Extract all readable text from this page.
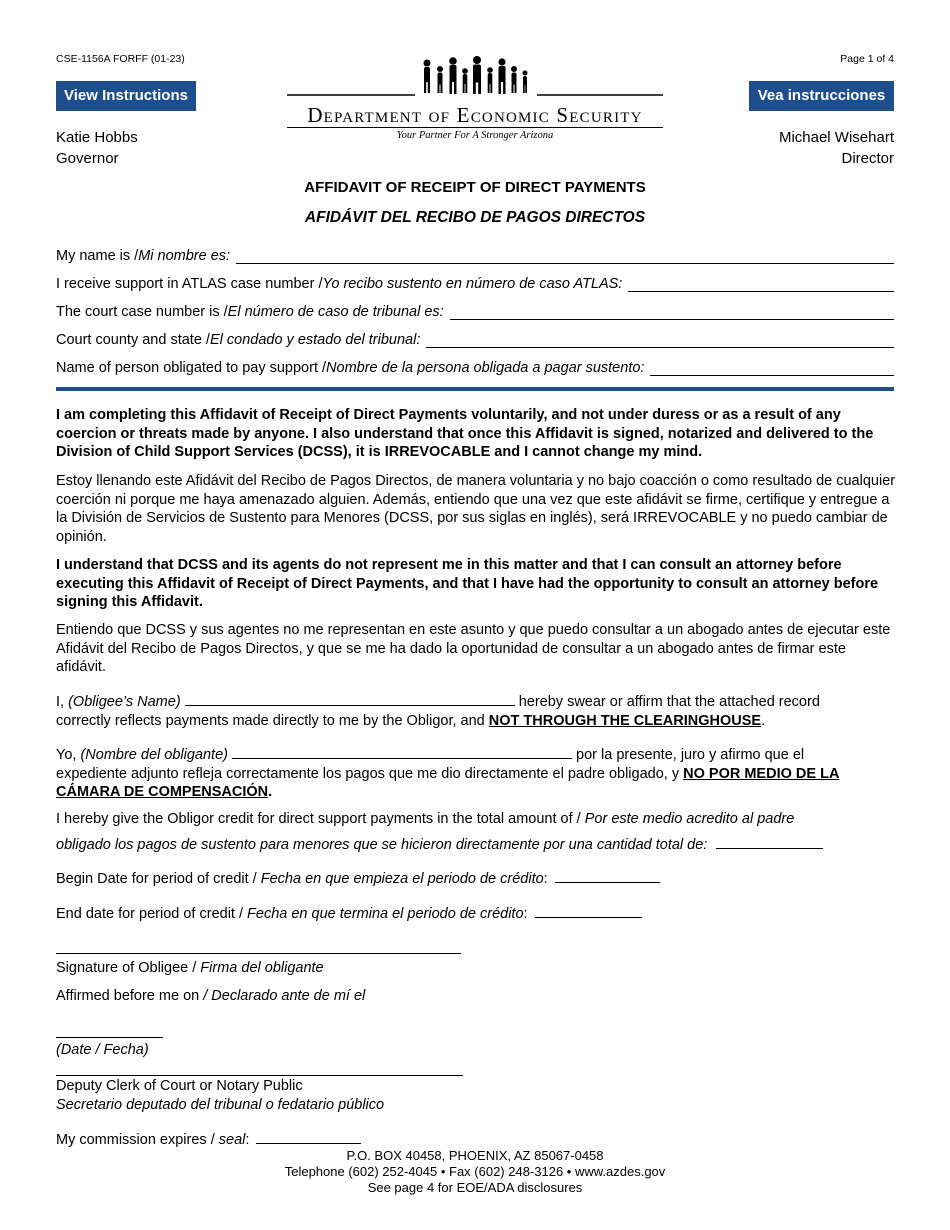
CSE-1156A FORFF (01-23)	Page 1 of 4
View Instructions	Vea instrucciones
Katie Hobbs
Governor
Michael Wisehart
Director
Department of Economic Security
Your Partner For A Stronger Arizona
AFFIDAVIT OF RECEIPT OF DIRECT PAYMENTS
AFIDÁVIT DEL RECIBO DE PAGOS DIRECTOS
My name is / Mi nombre es:
I receive support in ATLAS case number / Yo recibo sustento en número de caso ATLAS:
The court case number is / El número de caso de tribunal es:
Court county and state / El condado y estado del tribunal:
Name of person obligated to pay support / Nombre de la persona obligada a pagar sustento:
I am completing this Affidavit of Receipt of Direct Payments voluntarily, and not under duress or as a result of any coercion or threats made by anyone. I also understand that once this Affidavit is signed, notarized and delivered to the Division of Child Support Services (DCSS), it is IRREVOCABLE and I cannot change my mind.
Estoy llenando este Afidávit del Recibo de Pagos Directos, de manera voluntaria y no bajo coacción o como resultado de cualquier coerción ni porque me haya amenazado alguien. Además, entiendo que una vez que este afidávit se firme, certifique y entregue a la División de Servicios de Sustento para Menores (DCSS, por sus siglas en inglés), será IRREVOCABLE y no puedo cambiar de opinión.
I understand that DCSS and its agents do not represent me in this matter and that I can consult an attorney before executing this Affidavit of Receipt of Direct Payments, and that I have had the opportunity to consult an attorney before signing this Affidavit.
Entiendo que DCSS y sus agentes no me representan en este asunto y que puedo consultar a un abogado antes de ejecutar este Afidávit del Recibo de Pagos Directos, y que se me ha dado la oportunidad de consultar a un abogado antes de firmar este afidávit.
I, (Obligee’s Name)	hereby swear or affirm that the attached record
correctly reflects payments made directly to me by the Obligor, and NOT THROUGH THE CLEARINGHOUSE.
Yo, (Nombre del obligante)	por la presente, juro y afirmo que el
expediente adjunto refleja correctamente los pagos que me dio directamente el padre obligado, y NO POR MEDIO DE LA
CÁMARA DE COMPENSACIÓN.
I hereby give the Obligor credit for direct support payments in the total amount of / Por este medio acredito al padre
obligado los pagos de sustento para menores que se hicieron directamente por una cantidad total de:
Begin Date for period of credit / Fecha en que empieza el periodo de crédito:
End date for period of credit / Fecha en que termina el periodo de crédito:
Signature of Obligee / Firma del obligante
Affirmed before me on / Declarado ante de mí el
(Date / Fecha)
Deputy Clerk of Court or Notary Public
Secretario deputado del tribunal o fedatario público
My commission expires / seal:
P.O. BOX 40458, PHOENIX, AZ 85067-0458
Telephone (602) 252-4045 • Fax (602) 248-3126 • www.azdes.gov
See page 4 for EOE/ADA disclosures
